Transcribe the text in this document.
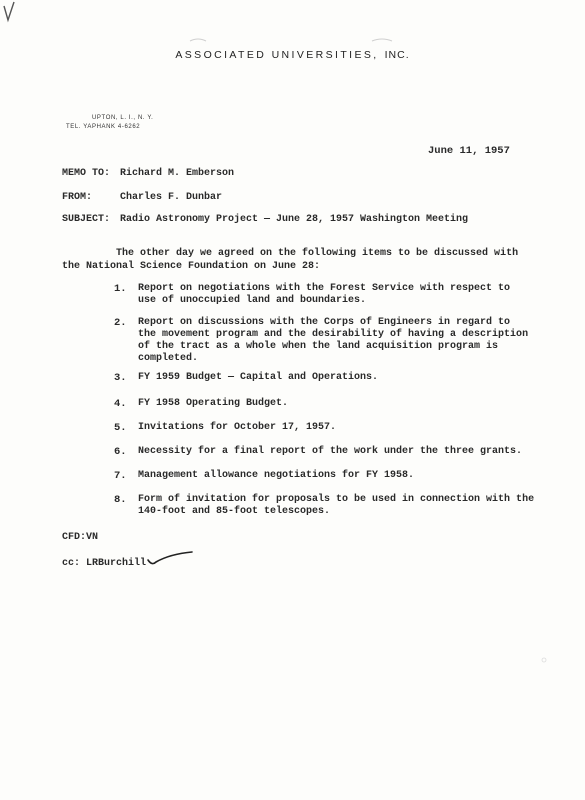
ASSOCIATED UNIVERSITIES, INC.
UPTON, L. I., N. Y.
TEL. YAPHANK 4-6262
June 11, 1957
MEMO TO: Richard M. Emberson
FROM:	Charles F. Dunbar
SUBJECT: Radio Astronomy Project — June 28, 1957 Washington Meeting
The other day we agreed on the following items to be discussed with
the National Science Foundation on June 28:
1.	Report on negotiations with the Forest Service with respect to
use of unoccupied land and boundaries.
2.	Report on discussions with the Corps of Engineers in regard to
the movement program and the desirability of having a description
of the tract as a whole when the land acquisition program is
completed.
3.	FY 1959 Budget — Capital and Operations.
4.	FY 1958 Operating Budget.
5.	Invitations for October 17, 1957.
6.	Necessity for a final report of the work under the three grants.
7.	Management allowance negotiations for FY 1958.
8.	Form of invitation for proposals to be used in connection with the
140-foot and 85-foot telescopes.
CFD:VN
cc: LRBurchill
